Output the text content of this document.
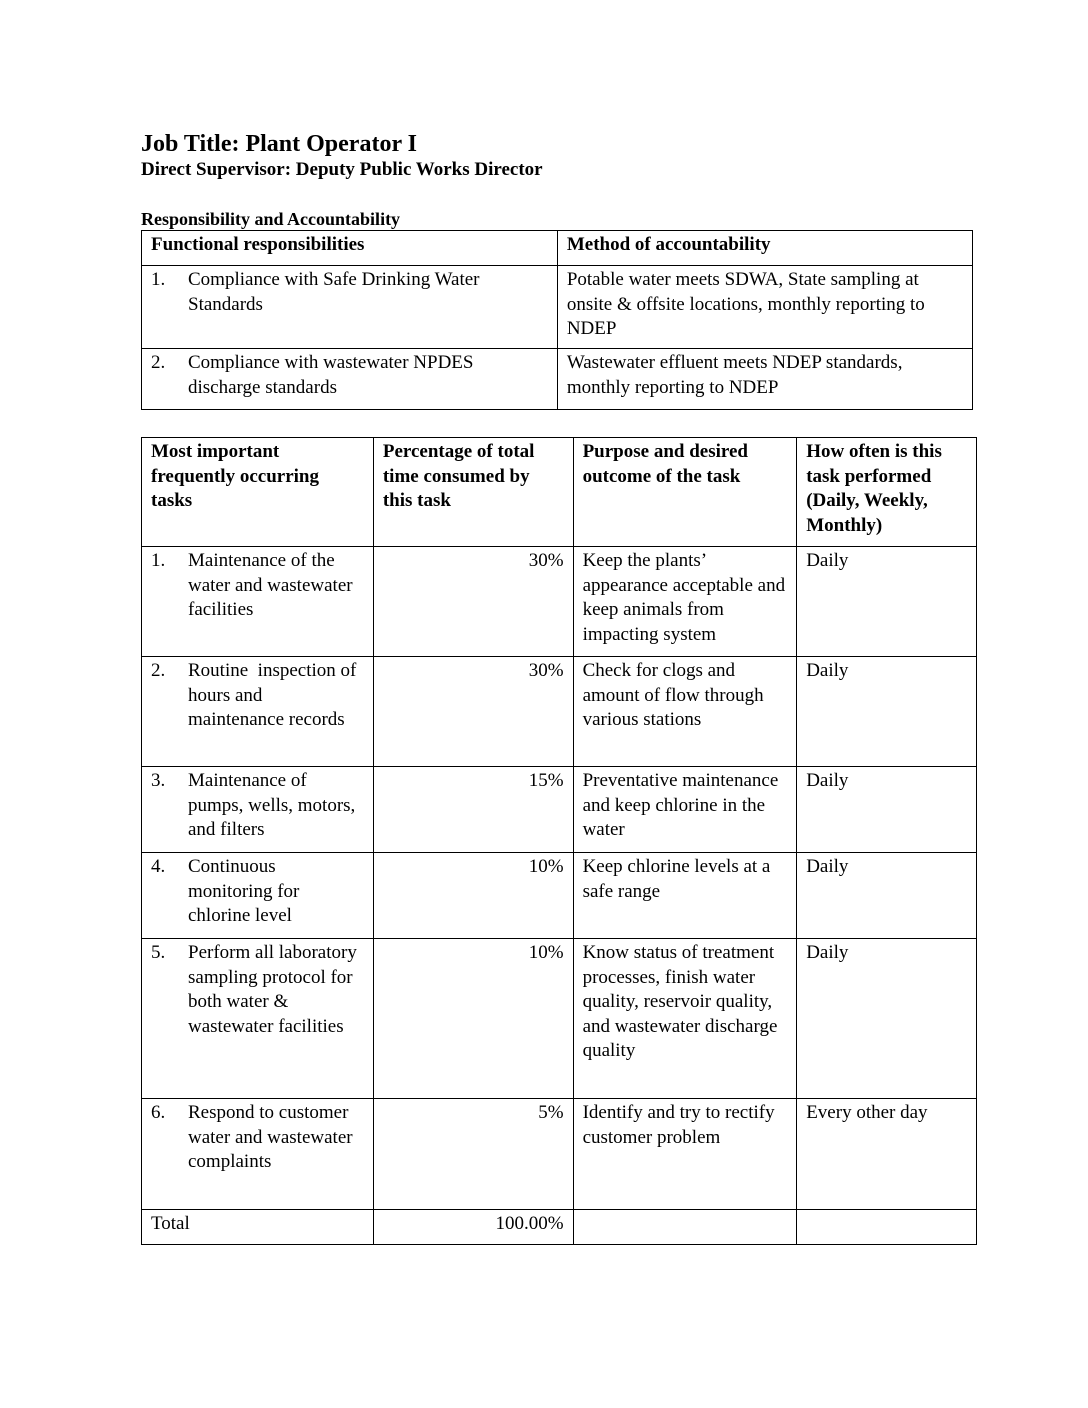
Job Title: Plant Operator I
Direct Supervisor: Deputy Public Works Director
Responsibility and Accountability
Functional responsibilities	Method of accountability
1. Compliance with Safe Drinking Water Standards	Potable water meets SDWA, State sampling at onsite & offsite locations, monthly reporting to NDEP
2. Compliance with wastewater NPDES discharge standards	Wastewater effluent meets NDEP standards, monthly reporting to NDEP
Most important frequently occurring tasks	Percentage of total time consumed by this task	Purpose and desired outcome of the task	How often is this task performed (Daily, Weekly, Monthly)
1. Maintenance of the water and wastewater facilities	30%	Keep the plants’ appearance acceptable and keep animals from impacting system	Daily
2. Routine  inspection of hours and maintenance records	30%	Check for clogs and amount of flow through various stations	Daily
3. Maintenance of pumps, wells, motors, and filters	15%	Preventative maintenance and keep chlorine in the water	Daily
4. Continuous monitoring for chlorine level	10%	Keep chlorine levels at a safe range	Daily
5. Perform all laboratory sampling protocol for both water & wastewater facilities	10%	Know status of treatment processes, finish water quality, reservoir quality, and wastewater discharge quality	Daily
6. Respond to customer water and wastewater complaints	5%	Identify and try to rectify customer problem	Every other day
Total	100.00%		
